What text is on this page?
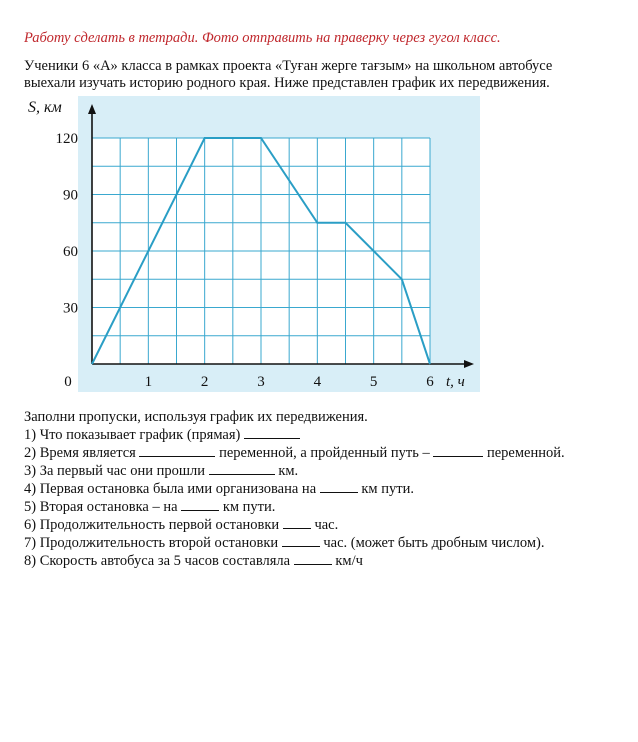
Работу сделать в тетради. Фото отправить на праверку через гугол класс.
Ученики 6 «А» класса в рамках проекта «Туған жерге тағзым» на школьном автобусе
выехали изучать историю родного края. Ниже представлен график их передвижения.
1	2	3	4	5	6
30
60
90
120
0
S, км
t, ч
Заполни пропуски, используя график их передвижения.
1) Что показывает график (прямая)
2) Время является	переменной, а пройденный путь –	переменной.
3) За первый час они прошли	км.
4) Первая остановка была ими организована на	км пути.
5) Вторая остановка – на	км пути.
6) Продолжительность первой остановки час.
7) Продолжительность второй остановки	час. (может быть дробным числом).
8) Скорость автобуса за 5 часов составляла	км/ч
